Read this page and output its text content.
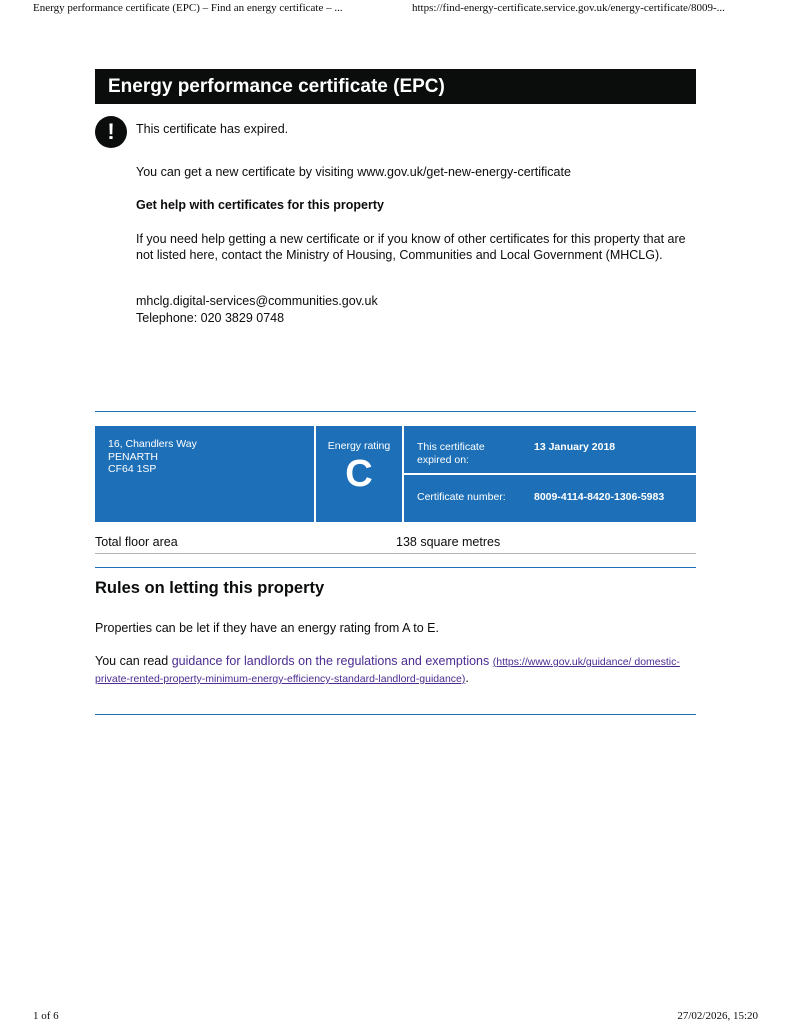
Energy performance certificate (EPC) – Find an energy certificate – ...	https://find-energy-certificate.service.gov.uk/energy-certificate/8009-...
Energy performance certificate (EPC)
!	This certificate has expired.
You can get a new certificate by visiting www.gov.uk/get-new-energy-certificate
Get help with certificates for this property
If you need help getting a new certificate or if you know of other certificates for this property that are not listed here, contact the Ministry of Housing, Communities and Local Government (MHCLG).
mhclg.digital-services@communities.gov.uk
Telephone: 020 3829 0748
16, Chandlers Way
PENARTH
CF64 1SP
Energy rating
C
This certificate expired on:
13 January 2018
Certificate number:	8009-4114-8420-1306-5983
Total floor area	138 square metres
Rules on letting this property
Properties can be let if they have an energy rating from A to E.
You can read guidance for landlords on the regulations and exemptions (https://www.gov.uk/guidance/ domestic-private-rented-property-minimum-energy-efficiency-standard-landlord-guidance).
1 of 6	27/02/2026, 15:20
